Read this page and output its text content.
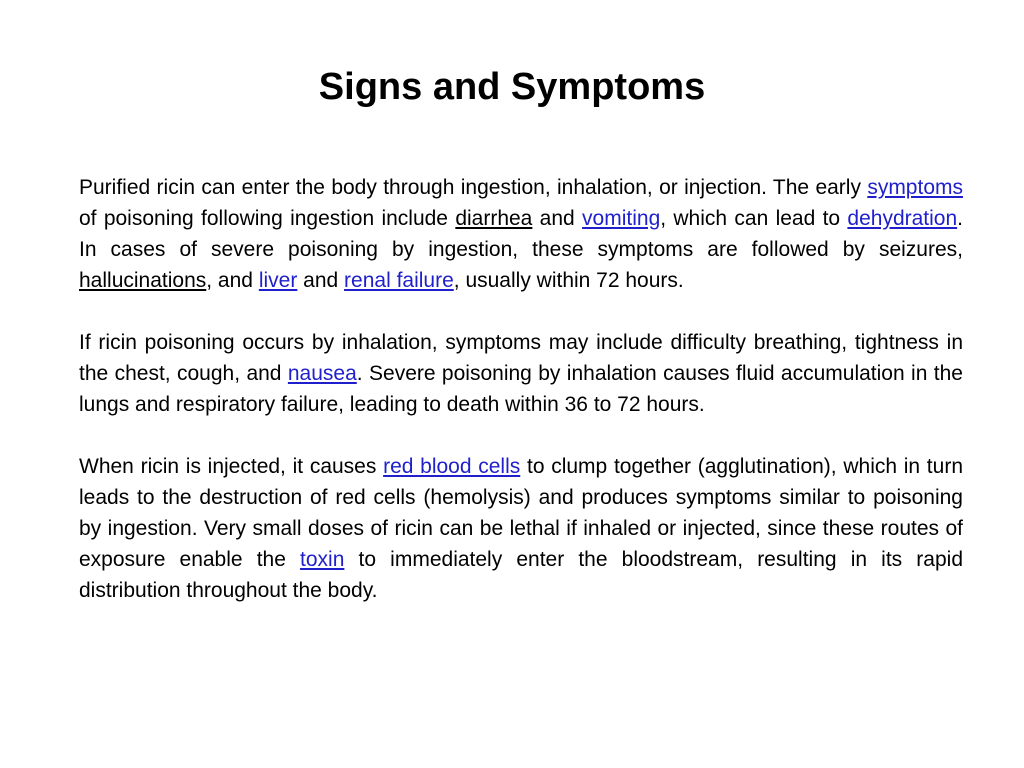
Signs and Symptoms

Purified ricin can enter the body through ingestion, inhalation, or injection. The early symptoms of poisoning following ingestion include diarrhea and vomiting, which can lead to dehydration. In cases of severe poisoning by ingestion, these symptoms are followed by seizures, hallucinations, and liver and renal failure, usually within 72 hours.

If ricin poisoning occurs by inhalation, symptoms may include difficulty breathing, tightness in the chest, cough, and nausea. Severe poisoning by inhalation causes fluid accumulation in the lungs and respiratory failure, leading to death within 36 to 72 hours.

When ricin is injected, it causes red blood cells to clump together (agglutination), which in turn leads to the destruction of red cells (hemolysis) and produces symptoms similar to poisoning by ingestion. Very small doses of ricin can be lethal if inhaled or injected, since these routes of exposure enable the toxin to immediately enter the bloodstream, resulting in its rapid distribution throughout the body.
